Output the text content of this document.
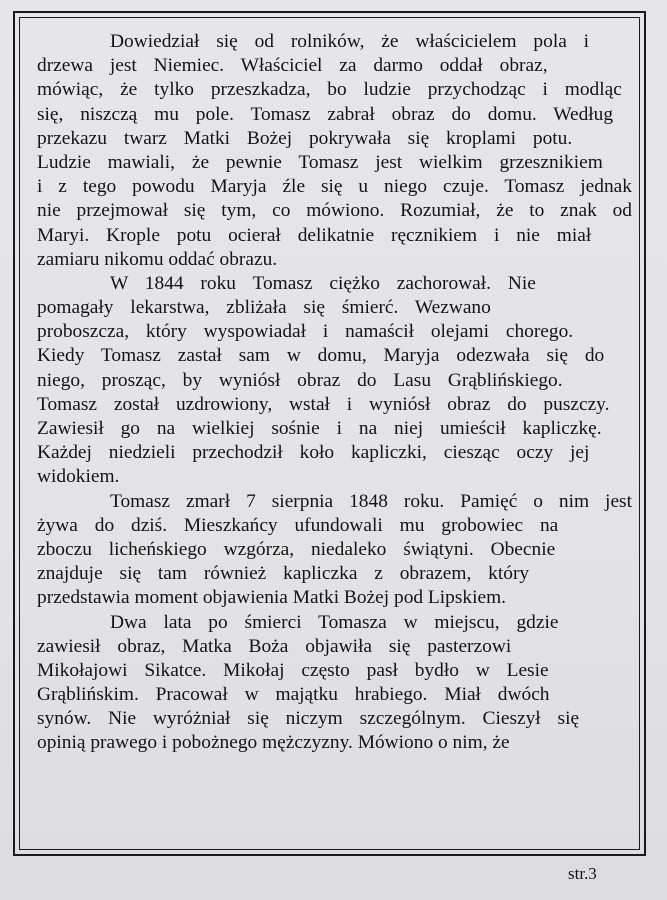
Dowiedział się od rolników, że właścicielem pola i
drzewa jest Niemiec. Właściciel za darmo oddał obraz,
mówiąc, że tylko przeszkadza, bo ludzie przychodząc i modląc
się, niszczą mu pole. Tomasz zabrał obraz do domu. Według
przekazu twarz Matki Bożej pokrywała się kroplami potu.
Ludzie mawiali, że pewnie Tomasz jest wielkim grzesznikiem
i z tego powodu Maryja źle się u niego czuje. Tomasz jednak
nie przejmował się tym, co mówiono. Rozumiał, że to znak od
Maryi. Krople potu ocierał delikatnie ręcznikiem i nie miał
zamiaru nikomu oddać obrazu.
W 1844 roku Tomasz ciężko zachorował. Nie
pomagały lekarstwa, zbliżała się śmierć. Wezwano
proboszcza, który wyspowiadał i namaścił olejami chorego.
Kiedy Tomasz zastał sam w domu, Maryja odezwała się do
niego, prosząc, by wyniósł obraz do Lasu Grąblińskiego.
Tomasz został uzdrowiony, wstał i wyniósł obraz do puszczy.
Zawiesił go na wielkiej sośnie i na niej umieścił kapliczkę.
Każdej niedzieli przechodził koło kapliczki, ciesząc oczy jej
widokiem.
Tomasz zmarł 7 sierpnia 1848 roku. Pamięć o nim jest
żywa do dziś. Mieszkańcy ufundowali mu grobowiec na
zboczu licheńskiego wzgórza, niedaleko świątyni. Obecnie
znajduje się tam również kapliczka z obrazem, który
przedstawia moment objawienia Matki Bożej pod Lipskiem.
Dwa lata po śmierci Tomasza w miejscu, gdzie
zawiesił obraz, Matka Boża objawiła się pasterzowi
Mikołajowi Sikatce. Mikołaj często pasł bydło w Lesie
Grąblińskim. Pracował w majątku hrabiego. Miał dwóch
synów. Nie wyróżniał się niczym szczególnym. Cieszył się
opinią prawego i pobożnego mężczyzny. Mówiono o nim, że
str.3
